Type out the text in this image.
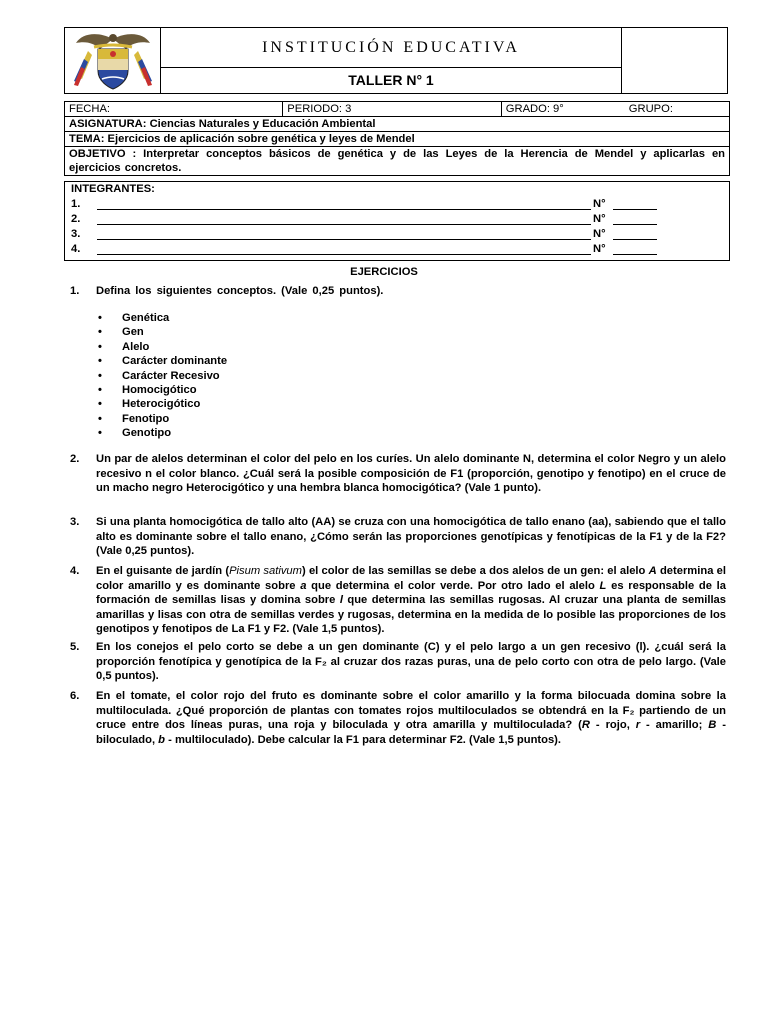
INSTITUCIÓN EDUCATIVA
TALLER N° 1
FECHA:	PERIODO: 3	GRADO: 9°	GRUPO:

ASIGNATURA: Ciencias Naturales y Educación Ambiental
TEMA: Ejercicios de aplicación sobre genética y leyes de Mendel
OBJETIVO : Interpretar conceptos básicos de genética y de las Leyes de la Herencia de Mendel y aplicarlas en ejercicios concretos.
INTEGRANTES:
1.	N°
2.	N°
3.	N°
4.	N°
EJERCICIOS
1. Defina los siguientes conceptos. (Vale 0,25 puntos).
• Genética
• Gen
• Alelo
• Carácter dominante
• Carácter Recesivo
• Homocigótico
• Heterocigótico
• Fenotipo
• Genotipo
2. Un par de alelos determinan el color del pelo en los curíes. Un alelo dominante N, determina el color Negro y un alelo recesivo n el color blanco. ¿Cuál será la posible composición de F1 (proporción, genotipo y fenotipo) en el cruce de un macho negro Heterocigótico y una hembra blanca homocigótica? (Vale 1 punto).
3. Si una planta homocigótica de tallo alto (AA) se cruza con una homocigótica de tallo enano (aa), sabiendo que el tallo alto es dominante sobre el tallo enano, ¿Cómo serán las proporciones genotípicas y fenotípicas de la F1 y de la F2? (Vale 0,25 puntos).
4. En el guisante de jardín (Pisum sativum) el color de las semillas se debe a dos alelos de un gen: el alelo A determina el color amarillo y es dominante sobre a que determina el color verde. Por otro lado el alelo L es responsable de la formación de semillas lisas y domina sobre l que determina las semillas rugosas. Al cruzar una planta de semillas amarillas y lisas con otra de semillas verdes y rugosas, determina en la medida de lo posible las proporciones de los genotipos y fenotipos de La F1 y F2. (Vale 1,5 puntos).
5. En los conejos el pelo corto se debe a un gen dominante (C) y el pelo largo a un gen recesivo (l). ¿cuál será la proporción fenotípica y genotípica de la F₂ al cruzar dos razas puras, una de pelo corto con otra de pelo largo. (Vale 0,5 puntos).
6. En el tomate, el color rojo del fruto es dominante sobre el color amarillo y la forma bilocuada domina sobre la multiloculada. ¿Qué proporción de plantas con tomates rojos multiloculados se obtendrá en la F₂ partiendo de un cruce entre dos líneas puras, una roja y biloculada y otra amarilla y multiloculada? (R - rojo, r - amarillo; B - biloculado, b - multiloculado). Debe calcular la F1 para determinar F2. (Vale 1,5 puntos).
